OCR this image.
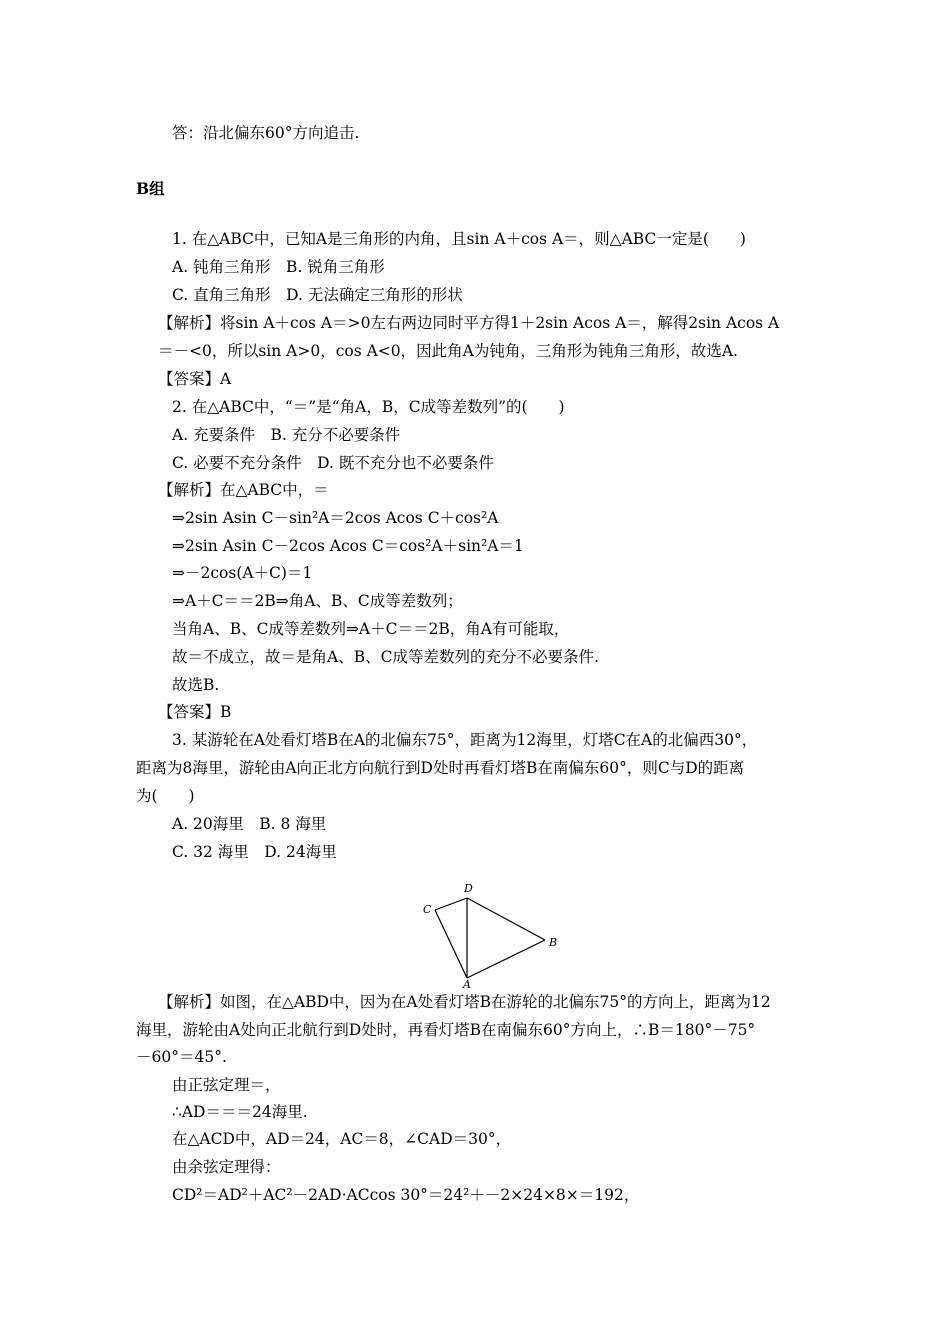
答：沿北偏东60°方向追击.
B组
1. 在△ABC中，已知A是三角形的内角，且sin A＋cos A＝，则△ABC一定是(　　)
A. 钝角三角形　B. 锐角三角形
C. 直角三角形　D. 无法确定三角形的形状
【解析】将sin A＋cos A＝>0左右两边同时平方得1＋2sin Acos A＝，解得2sin Acos A
＝－<0，所以sin A>0，cos A<0，因此角A为钝角，三角形为钝角三角形，故选A.
【答案】A
2. 在△ABC中，“＝”是“角A，B，C成等差数列”的(　　)
A. 充要条件　B. 充分不必要条件
C. 必要不充分条件　D. 既不充分也不必要条件
【解析】在△ABC中，＝
⇒2sin Asin C－sin²A＝2cos Acos C＋cos²A
⇒2sin Asin C－2cos Acos C＝cos²A＋sin²A＝1
⇒－2cos(A＋C)＝1
⇒A＋C＝＝2B⇒角A、B、C成等差数列；
当角A、B、C成等差数列⇒A＋C＝＝2B，角A有可能取，
故＝不成立，故＝是角A、B、C成等差数列的充分不必要条件.
故选B.
【答案】B
3. 某游轮在A处看灯塔B在A的北偏东75°，距离为12海里，灯塔C在A的北偏西30°，
距离为8海里，游轮由A向正北方向航行到D处时再看灯塔B在南偏东60°，则C与D的距离
为(　　)
A. 20海里　B. 8 海里
C. 32 海里　D. 24海里
D
C
B
A
【解析】如图，在△ABD中，因为在A处看灯塔B在游轮的北偏东75°的方向上，距离为12
海里，游轮由A处向正北航行到D处时，再看灯塔B在南偏东60°方向上，∴B＝180°－75°
－60°＝45°.
由正弦定理＝，
∴AD＝＝＝24海里.
在△ACD中，AD＝24，AC＝8，∠CAD＝30°，
由余弦定理得：
CD²＝AD²＋AC²－2AD·ACcos 30°＝24²＋－2×24×8×＝192，
